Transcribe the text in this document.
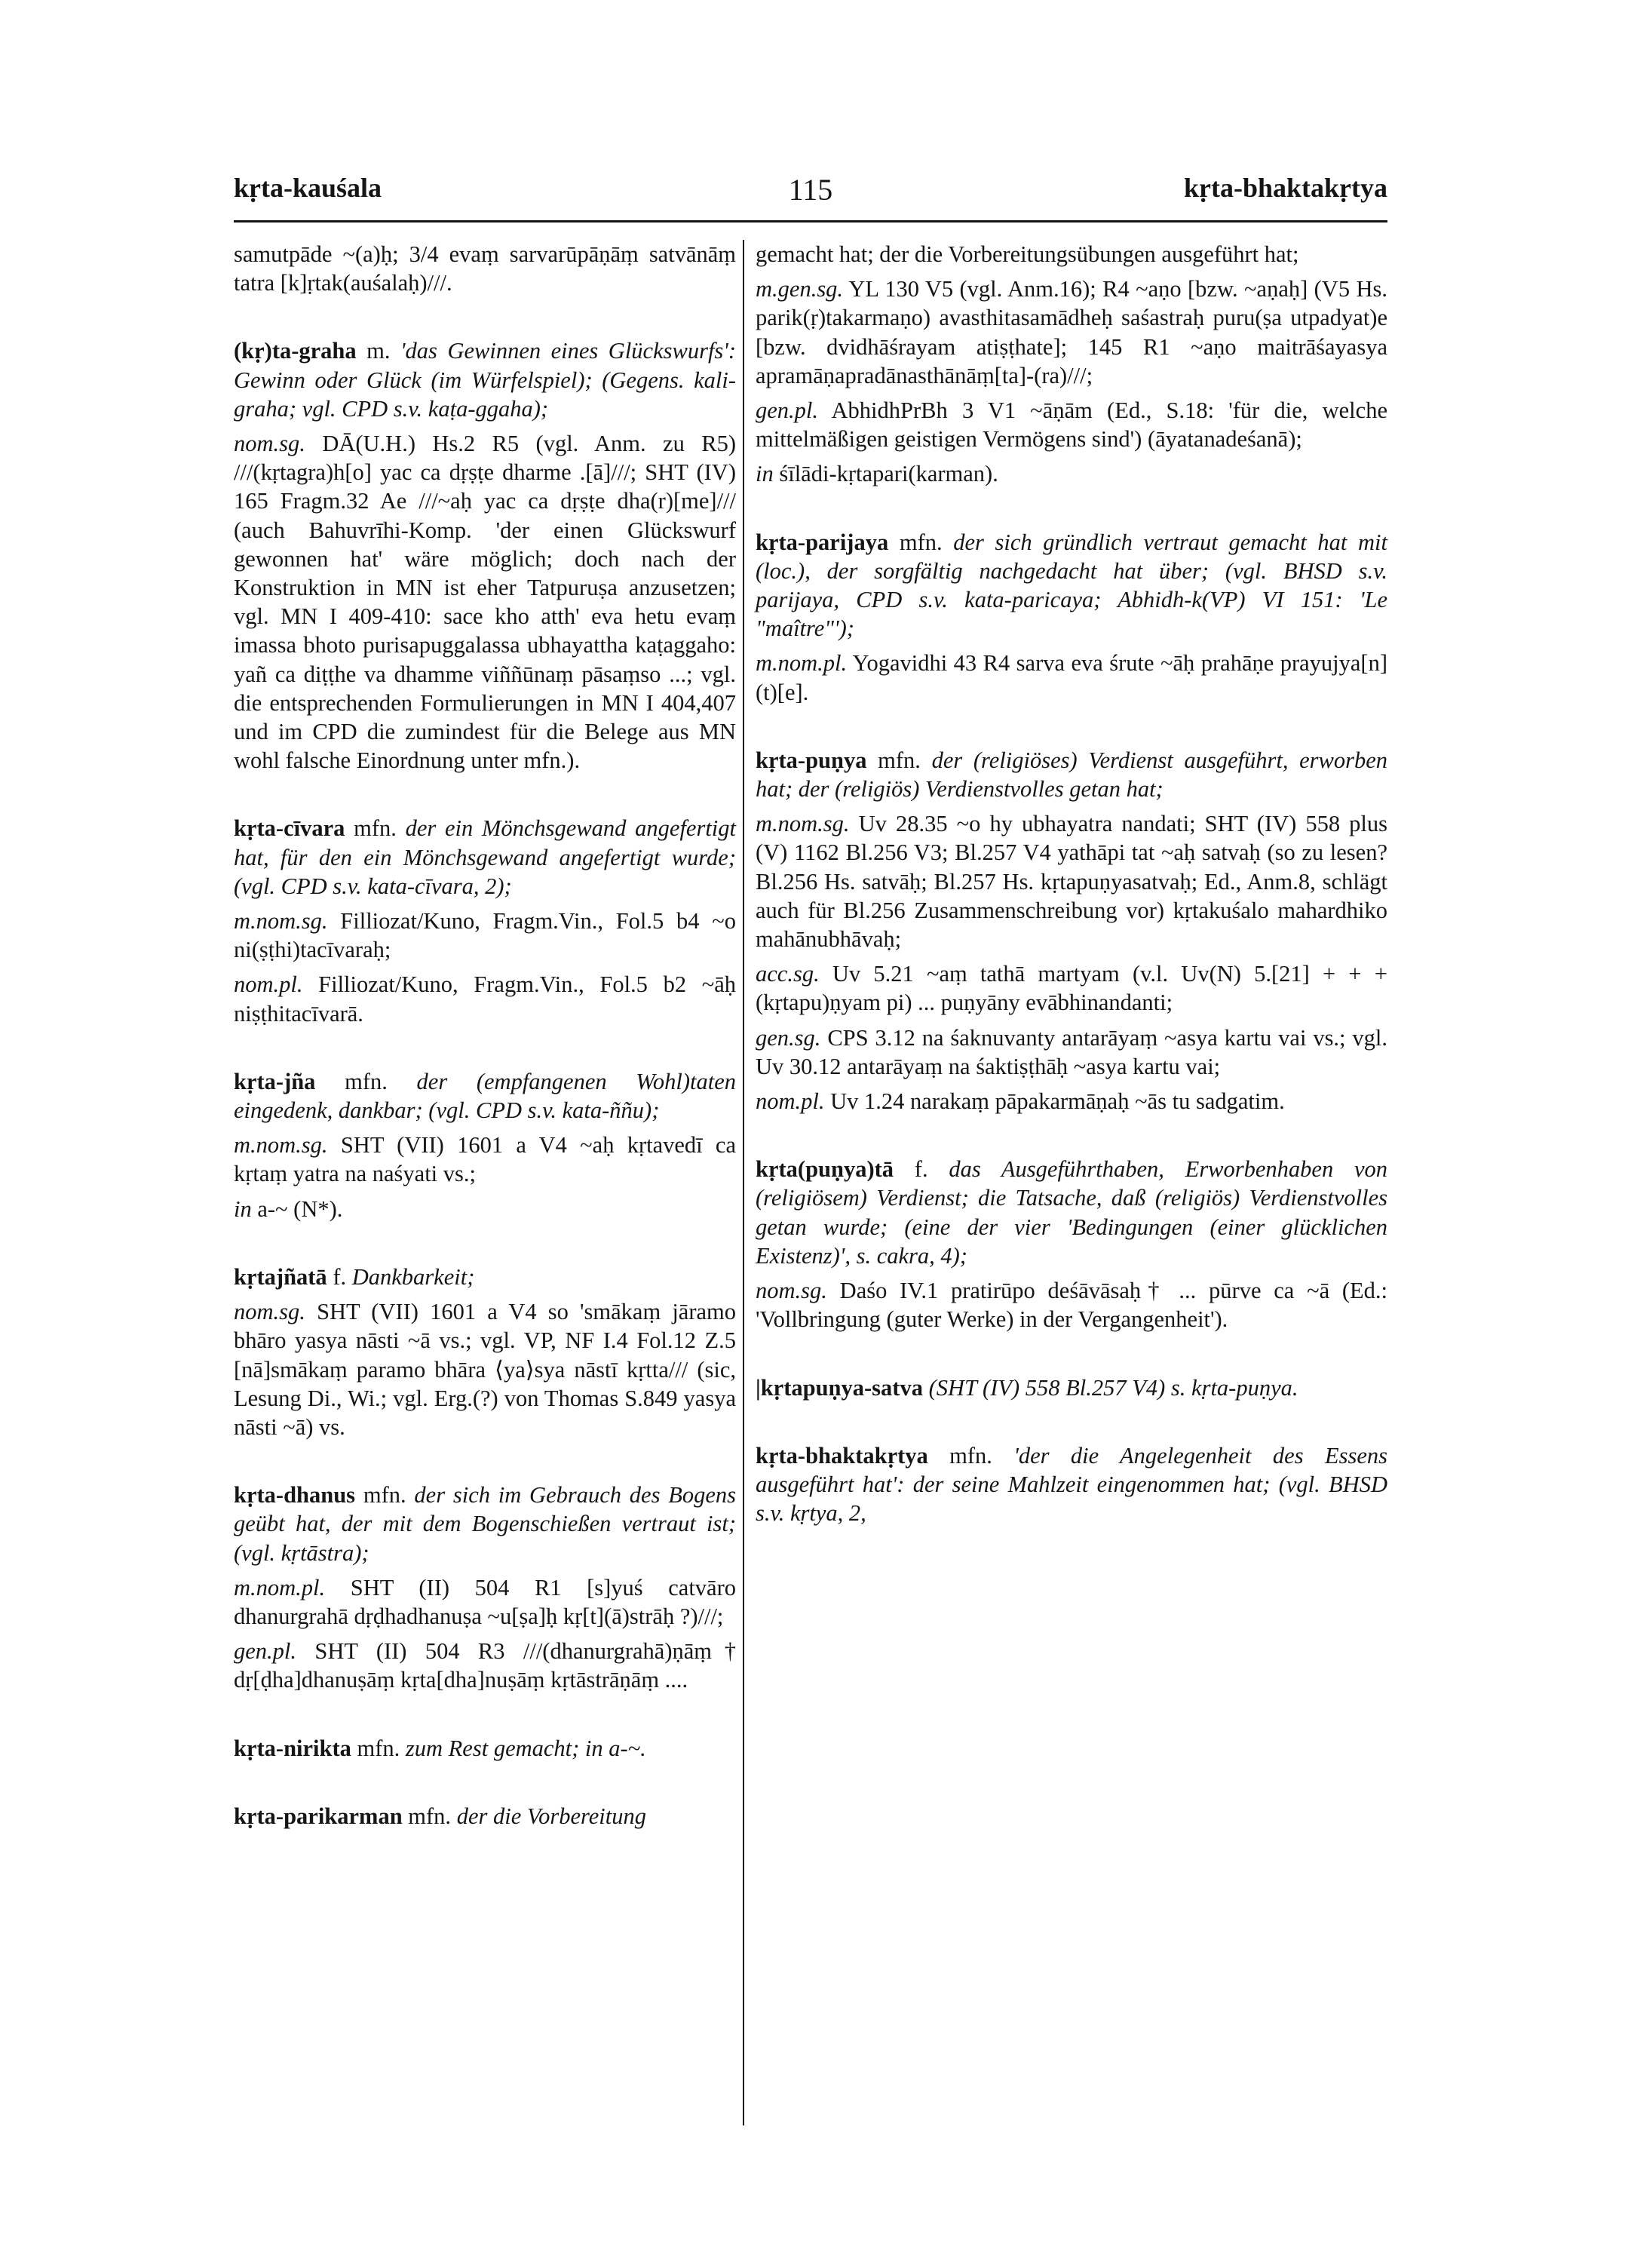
kṛta-kauśala	115	kṛta-bhaktakṛtya
samutpāde ~(a)ḥ; 3/4 evaṃ sarvarūpāṇāṃ satvānāṃ tatra [k]ṛtak(auśalaḥ)///.
(kṛ)ta-graha m. 'das Gewinnen eines Glückswurfs': Gewinn oder Glück (im Würfelspiel); (Gegens. kali-graha; vgl. CPD s.v. kaṭa-ggaha);
nom.sg. DĀ(U.H.) Hs.2 R5 (vgl. Anm. zu R5) ///(kṛtagra)h[o] yac ca dṛṣṭe dharme .[ā]///; SHT (IV) 165 Fragm.32 Ae ///~aḥ yac ca dṛṣṭe dha(r)[me]/// (auch Bahuvrīhi-Komp. 'der einen Glückswurf gewonnen hat' wäre möglich; doch nach der Konstruktion in MN ist eher Tatpuruṣa anzusetzen; vgl. MN I 409-410: sace kho atth' eva hetu evaṃ imassa bhoto purisapuggalassa ubhayattha kaṭaggaho: yañ ca diṭṭhe va dhamme viññūnaṃ pāsaṃso ...; vgl. die entsprechenden Formulierungen in MN I 404,407 und im CPD die zumindest für die Belege aus MN wohl falsche Einordnung unter mfn.).
kṛta-cīvara mfn. der ein Mönchsgewand angefertigt hat, für den ein Mönchsgewand angefertigt wurde; (vgl. CPD s.v. kata-cīvara, 2);
m.nom.sg. Filliozat/Kuno, Fragm.Vin., Fol.5 b4 ~o ni(ṣṭhi)tacīvaraḥ;
nom.pl. Filliozat/Kuno, Fragm.Vin., Fol.5 b2 ~āḥ niṣṭhitacīvarā.
kṛta-jña mfn. der (empfangenen Wohl)taten eingedenk, dankbar; (vgl. CPD s.v. kata-ññu);
m.nom.sg. SHT (VII) 1601 a V4 ~aḥ kṛtavedī ca kṛtaṃ yatra na naśyati vs.;
in a-~ (N*).
kṛtajñatā f. Dankbarkeit;
nom.sg. SHT (VII) 1601 a V4 so 'smākaṃ jāramo bhāro yasya nāsti ~ā vs.; vgl. VP, NF I.4 Fol.12 Z.5 [nā]smākaṃ paramo bhāra ⟨ya⟩sya nāstī kṛtta/// (sic, Lesung Di., Wi.; vgl. Erg.(?) von Thomas S.849 yasya nāsti ~ā) vs.
kṛta-dhanus mfn. der sich im Gebrauch des Bogens geübt hat, der mit dem Bogenschießen vertraut ist; (vgl. kṛtāstra);
m.nom.pl. SHT (II) 504 R1 [s]yuś catvāro dhanurgrahā dṛḍhadhanuṣa ~u[ṣa]ḥ kṛ[t](ā)strāḥ ?)///;
gen.pl. SHT (II) 504 R3 ///(dhanurgrahā)ṇāṃ† dṛ[ḍha]dhanuṣāṃ kṛta[dha]nuṣāṃ kṛtāstrāṇāṃ ....
kṛta-nirikta mfn. zum Rest gemacht; in a-~.
kṛta-parikarman mfn. der die Vorbereitung
gemacht hat; der die Vorbereitungsübungen ausgeführt hat;
m.gen.sg. YL 130 V5 (vgl. Anm.16); R4 ~aṇo [bzw. ~aṇaḥ] (V5 Hs. parik(ṛ)takarmaṇo) avasthitasamādheḥ saśastraḥ puru(ṣa utpadyat)e [bzw. dvidhāśrayam atiṣṭhate]; 145 R1 ~aṇo maitrāśayasya apramāṇapradānasthānāṃ[ta]-(ra)///;
gen.pl. AbhidhPrBh 3 V1 ~āṇām (Ed., S.18: 'für die, welche mittelmäßigen geistigen Vermögens sind') (āyatanadeśanā);
in śīlādi-kṛtapari(karman).
kṛta-parijaya mfn. der sich gründlich vertraut gemacht hat mit (loc.), der sorgfältig nachgedacht hat über; (vgl. BHSD s.v. parijaya, CPD s.v. kata-paricaya; Abhidh-k(VP) VI 151: 'Le "maître"');
m.nom.pl. Yogavidhi 43 R4 sarva eva śrute ~āḥ prahāṇe prayujya[n](t)[e].
kṛta-puṇya mfn. der (religiöses) Verdienst ausgeführt, erworben hat; der (religiös) Verdienstvolles getan hat;
m.nom.sg. Uv 28.35 ~o hy ubhayatra nandati; SHT (IV) 558 plus (V) 1162 Bl.256 V3; Bl.257 V4 yathāpi tat ~aḥ satvaḥ (so zu lesen? Bl.256 Hs. satvāḥ; Bl.257 Hs. kṛtapuṇyasatvaḥ; Ed., Anm.8, schlägt auch für Bl.256 Zusammenschreibung vor) kṛtakuśalo mahardhiko mahānubhāvaḥ;
acc.sg. Uv 5.21 ~aṃ tathā martyam (v.l. Uv(N) 5.[21] + + + (kṛtapu)ṇyam pi) ... puṇyāny evābhinandanti;
gen.sg. CPS 3.12 na śaknuvanty antarāyaṃ ~asya kartu vai vs.; vgl. Uv 30.12 antarāyaṃ na śaktiṣṭhāḥ ~asya kartu vai;
nom.pl. Uv 1.24 narakaṃ pāpakarmāṇaḥ ~ās tu sadgatim.
kṛta(puṇya)tā f. das Ausgeführthaben, Erworbenhaben von (religiösem) Verdienst; die Tatsache, daß (religiös) Verdienstvolles getan wurde; (eine der vier 'Bedingungen (einer glücklichen Existenz)', s. cakra, 4);
nom.sg. Daśo IV.1 pratirūpo deśāvāsaḥ† ... pūrve ca ~ā (Ed.: 'Vollbringung (guter Werke) in der Vergangenheit').
|kṛtapuṇya-satva (SHT (IV) 558 Bl.257 V4) s. kṛta-puṇya.
kṛta-bhaktakṛtya mfn. 'der die Angelegenheit des Essens ausgeführt hat': der seine Mahlzeit eingenommen hat; (vgl. BHSD s.v. kṛtya, 2,
